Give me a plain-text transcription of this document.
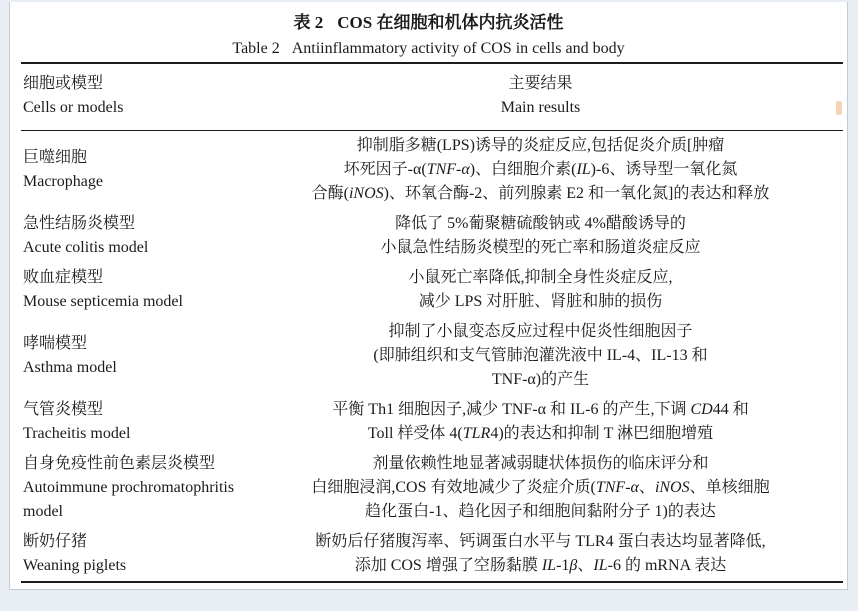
表 2 COS 在细胞和机体内抗炎活性
Table 2 Antiinflammatory activity of COS in cells and body
细胞或模型
Cells or models
主要结果
Main results
巨噬细胞
Macrophage
抑制脂多糖(LPS)诱导的炎症反应,包括促炎介质[肿瘤
坏死因子-α(TNF-α)、白细胞介素(IL)-6、诱导型一氧化氮
合酶(iNOS)、环氧合酶-2、前列腺素 E2 和一氧化氮]的表达和释放
急性结肠炎模型
Acute colitis model
降低了 5%葡聚糖硫酸钠或 4%醋酸诱导的
小鼠急性结肠炎模型的死亡率和肠道炎症反应
败血症模型
Mouse septicemia model
小鼠死亡率降低,抑制全身性炎症反应,
减少 LPS 对肝脏、肾脏和肺的损伤
哮喘模型
Asthma model
抑制了小鼠变态反应过程中促炎性细胞因子
(即肺组织和支气管肺泡灌洗液中 IL-4、IL-13 和
TNF-α)的产生
气管炎模型
Tracheitis model
平衡 Th1 细胞因子,减少 TNF-α 和 IL-6 的产生,下调 CD44 和
Toll 样受体 4(TLR4)的表达和抑制 T 淋巴细胞增殖
自身免疫性前色素层炎模型
Autoimmune prochromatophritis
model
剂量依赖性地显著减弱睫状体损伤的临床评分和
白细胞浸润,COS 有效地减少了炎症介质(TNF-α、iNOS、单核细胞
趋化蛋白-1、趋化因子和细胞间黏附分子 1)的表达
断奶仔猪
Weaning piglets
断奶后仔猪腹泻率、钙调蛋白水平与 TLR4 蛋白表达均显著降低,
添加 COS 增强了空肠黏膜 IL-1β、IL-6 的 mRNA 表达
